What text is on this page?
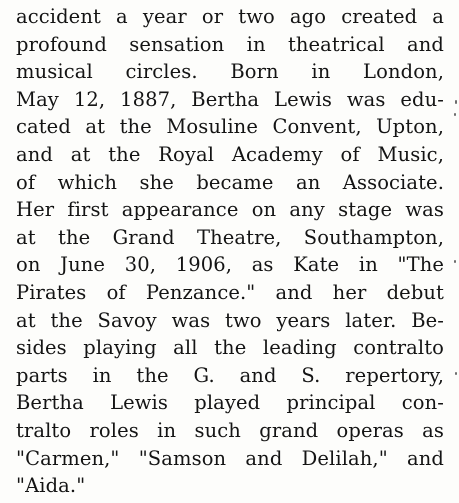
accident a year or two ago created a
profound sensation in theatrical and
musical circles. Born in London,
May 12, 1887, Bertha Lewis was edu-
cated at the Mosuline Convent, Upton,
and at the Royal Academy of Music,
of which she became an Associate.
Her first appearance on any stage was
at the Grand Theatre, Southampton,
on June 30, 1906, as Kate in "The
Pirates of Penzance." and her debut
at the Savoy was two years later. Be-
sides playing all the leading contralto
parts in the G. and S. repertory,
Bertha Lewis played principal con-
tralto roles in such grand operas as
"Carmen," "Samson and Delilah," and
"Aida."
